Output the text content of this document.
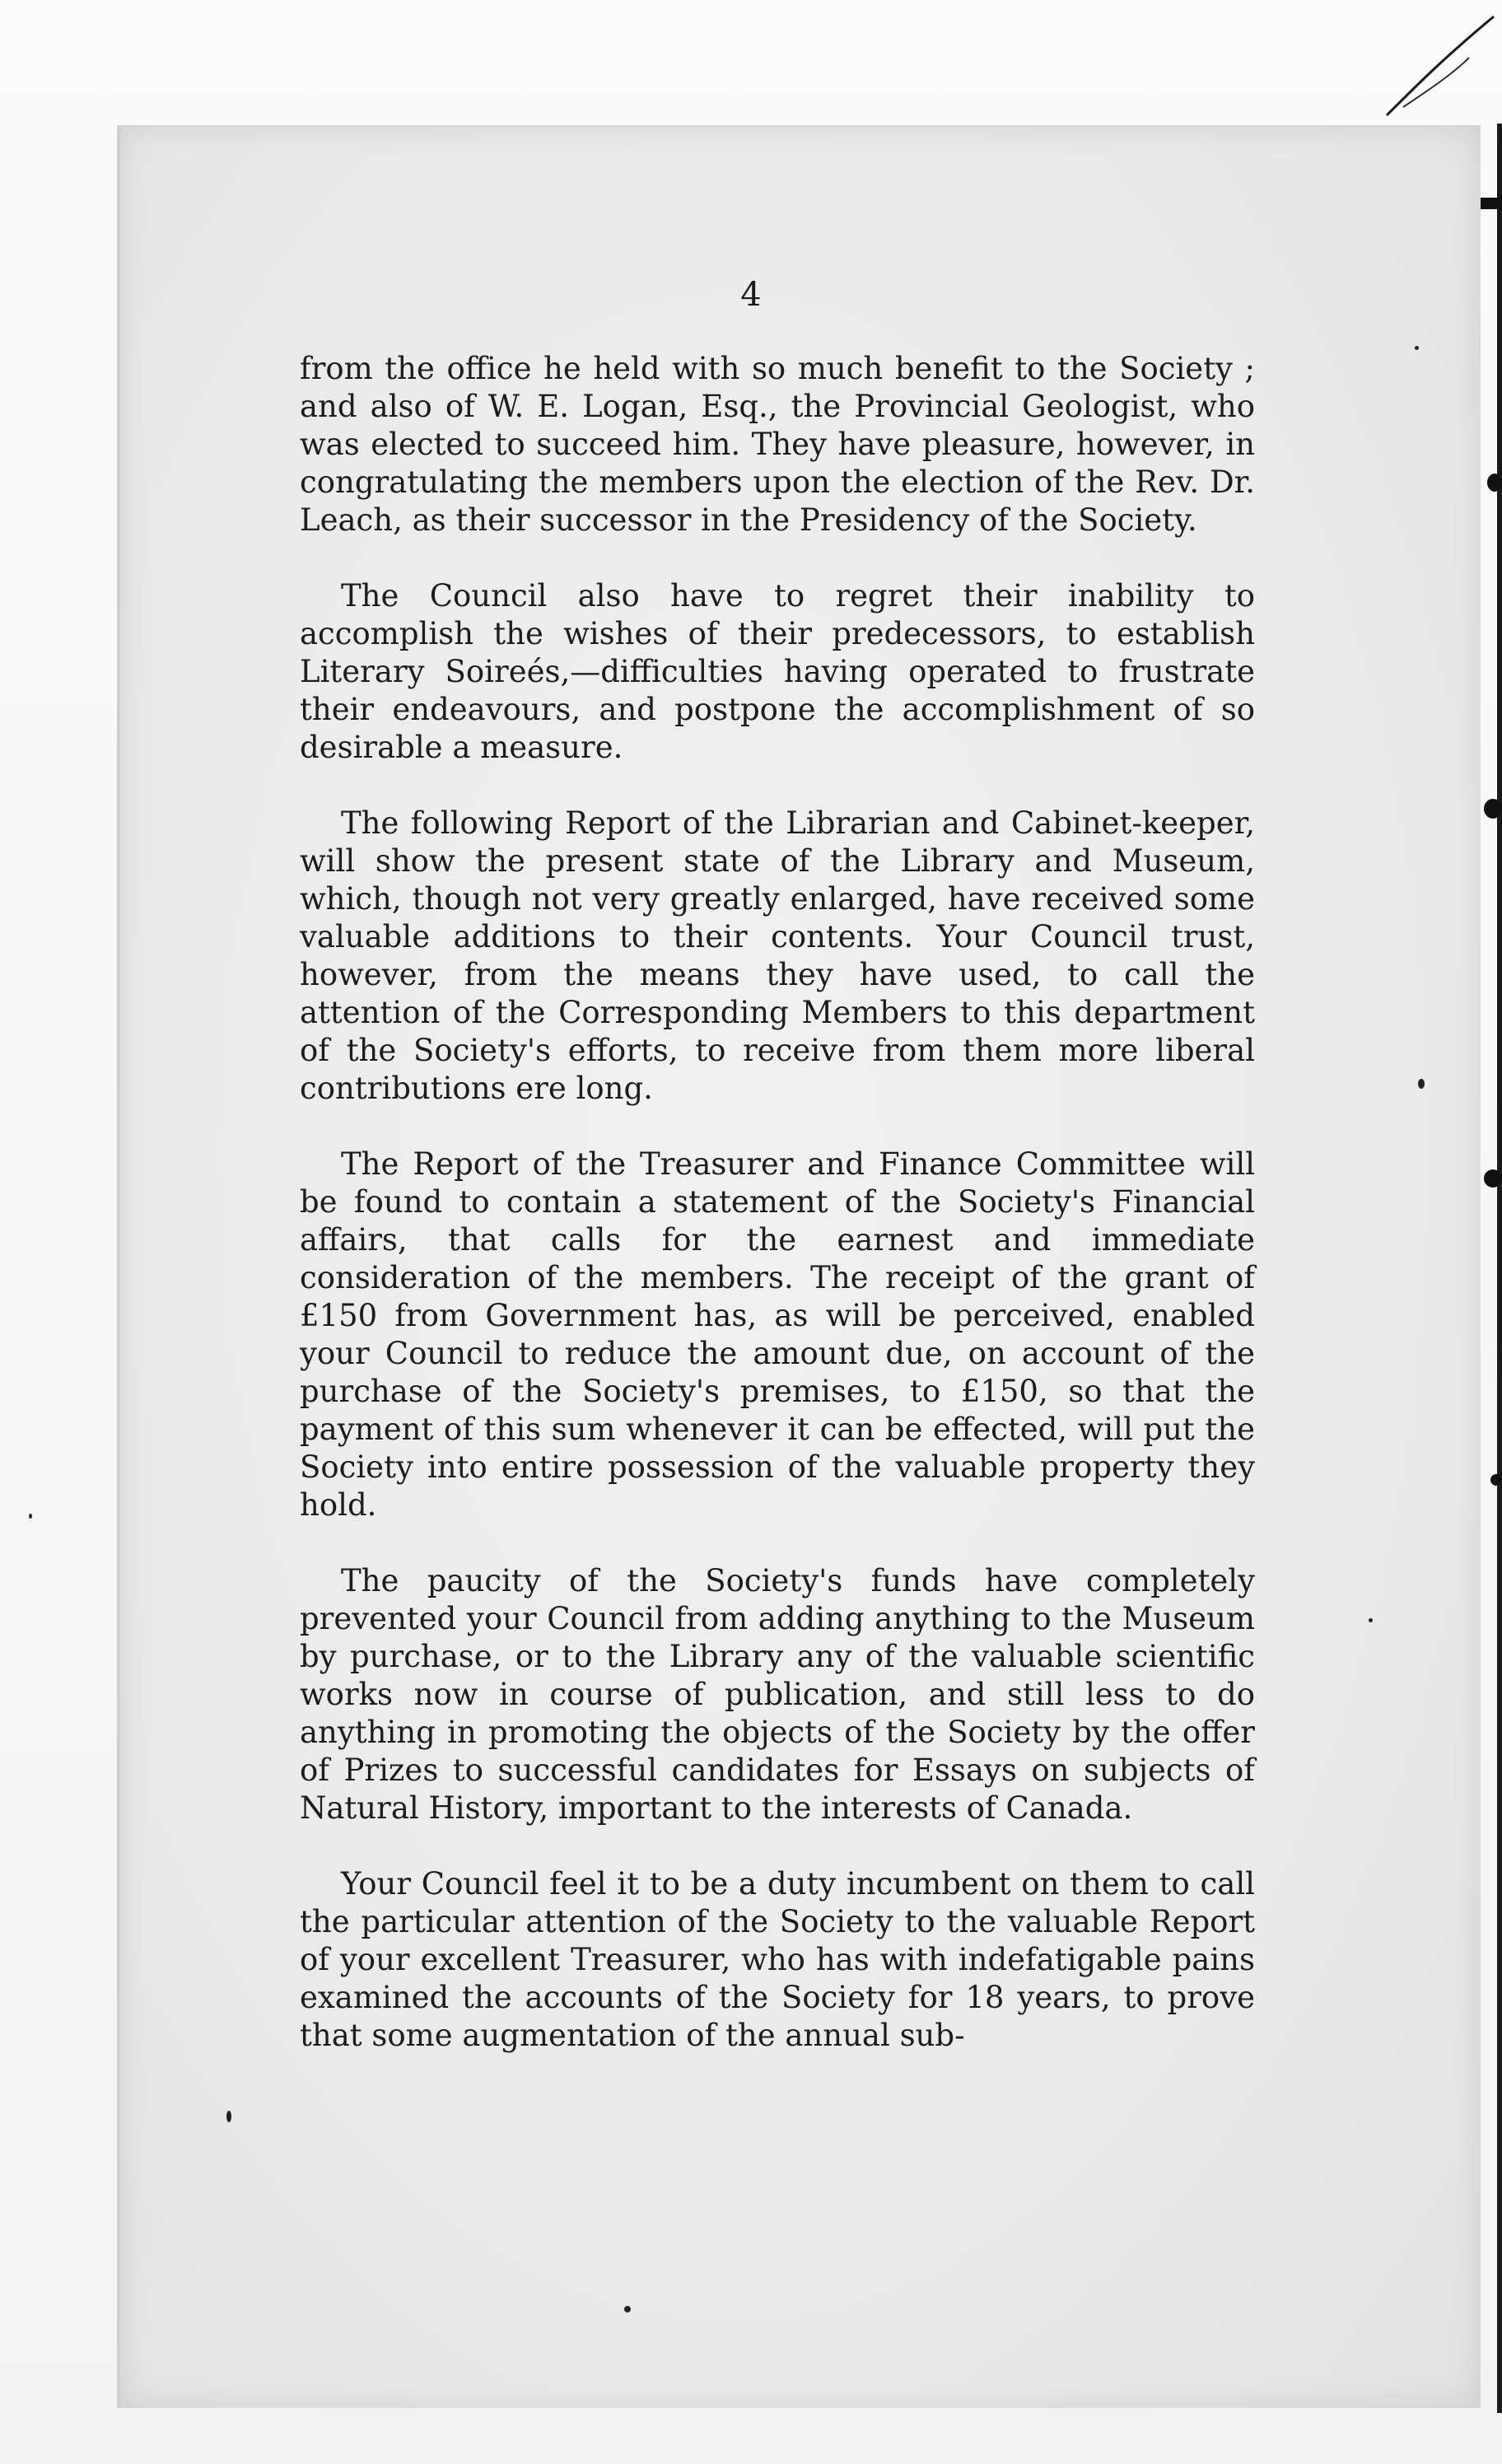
4

from the office he held with so much benefit to the Society ; and also of W. E. Logan, Esq., the Provincial Geologist, who was elected to succeed him. They have pleasure, however, in congratulating the members upon the election of the Rev. Dr. Leach, as their successor in the Presidency of the Society.

The Council also have to regret their inability to accomplish the wishes of their predecessors, to establish Literary Soireés,—difficulties having operated to frustrate their endeavours, and postpone the accomplishment of so desirable a measure.

The following Report of the Librarian and Cabinet-keeper, will show the present state of the Library and Museum, which, though not very greatly enlarged, have received some valuable additions to their contents. Your Council trust, however, from the means they have used, to call the attention of the Corresponding Members to this department of the Society's efforts, to receive from them more liberal contributions ere long.

The Report of the Treasurer and Finance Committee will be found to contain a statement of the Society's Financial affairs, that calls for the earnest and immediate consideration of the members. The receipt of the grant of £150 from Government has, as will be perceived, enabled your Council to reduce the amount due, on account of the purchase of the Society's premises, to £150, so that the payment of this sum whenever it can be effected, will put the Society into entire possession of the valuable property they hold.

The paucity of the Society's funds have completely prevented your Council from adding anything to the Museum by purchase, or to the Library any of the valuable scientific works now in course of publication, and still less to do anything in promoting the objects of the Society by the offer of Prizes to successful candidates for Essays on subjects of Natural History, important to the interests of Canada.

Your Council feel it to be a duty incumbent on them to call the particular attention of the Society to the valuable Report of your excellent Treasurer, who has with indefatigable pains examined the accounts of the Society for 18 years, to prove that some augmentation of the annual sub-
